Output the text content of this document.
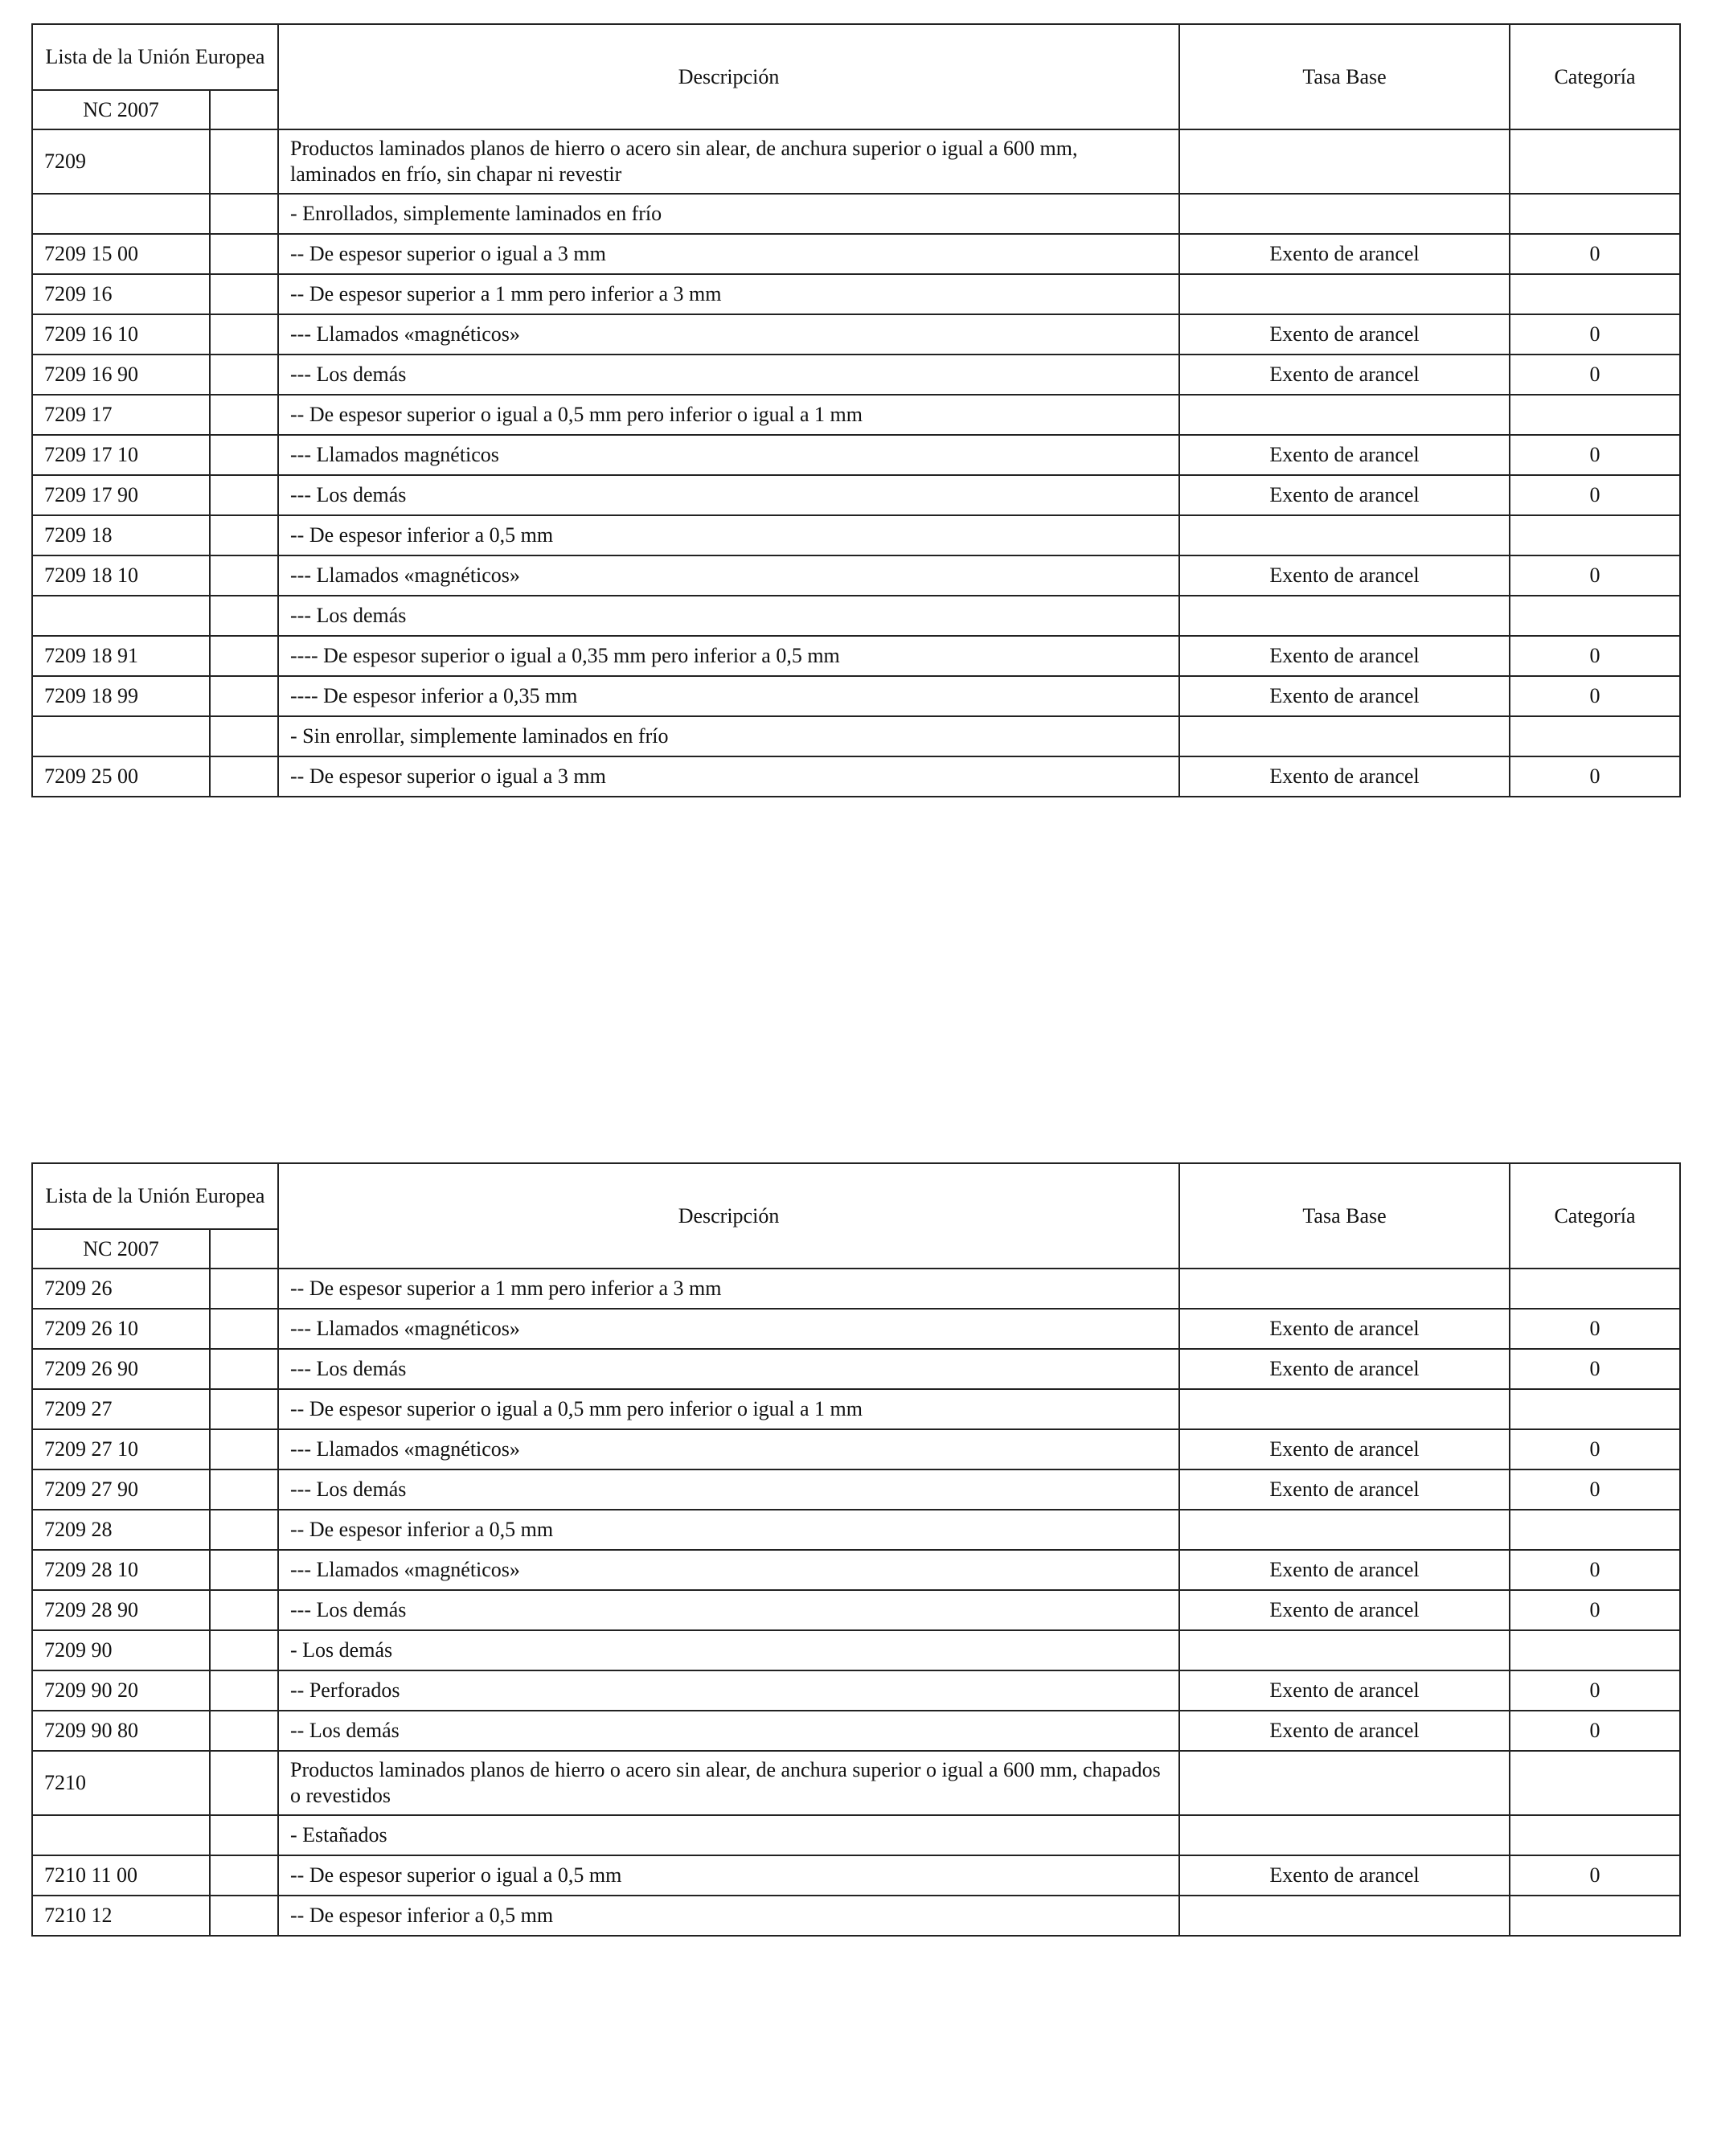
Lista de la Unión Europea		Descripción	Tasa Base	Categoría
NC 2007				
7209		Productos laminados planos de hierro o acero sin alear, de anchura superior o igual a 600 mm, laminados en frío, sin chapar ni revestir		
		- Enrollados, simplemente laminados en frío		
7209 15 00		-- De espesor superior o igual a 3 mm	Exento de arancel	0
7209 16		-- De espesor superior a 1 mm pero inferior a 3 mm		
7209 16 10		--- Llamados «magnéticos»	Exento de arancel	0
7209 16 90		--- Los demás	Exento de arancel	0
7209 17		-- De espesor superior o igual a 0,5 mm pero inferior o igual a 1 mm		
7209 17 10		--- Llamados magnéticos	Exento de arancel	0
7209 17 90		--- Los demás	Exento de arancel	0
7209 18		-- De espesor inferior a 0,5 mm		
7209 18 10		--- Llamados «magnéticos»	Exento de arancel	0
		--- Los demás		
7209 18 91		---- De espesor superior o igual a 0,35 mm pero inferior a 0,5 mm	Exento de arancel	0
7209 18 99		---- De espesor inferior a 0,35 mm	Exento de arancel	0
		- Sin enrollar, simplemente laminados en frío		
7209 25 00		-- De espesor superior o igual a 3 mm	Exento de arancel	0
Lista de la Unión Europea		Descripción	Tasa Base	Categoría
NC 2007				
7209 26		-- De espesor superior a 1 mm pero inferior a 3 mm		
7209 26 10		--- Llamados «magnéticos»	Exento de arancel	0
7209 26 90		--- Los demás	Exento de arancel	0
7209 27		-- De espesor superior o igual a 0,5 mm pero inferior o igual a 1 mm		
7209 27 10		--- Llamados «magnéticos»	Exento de arancel	0
7209 27 90		--- Los demás	Exento de arancel	0
7209 28		-- De espesor inferior a 0,5 mm		
7209 28 10		--- Llamados «magnéticos»	Exento de arancel	0
7209 28 90		--- Los demás	Exento de arancel	0
7209 90		- Los demás		
7209 90 20		-- Perforados	Exento de arancel	0
7209 90 80		-- Los demás	Exento de arancel	0
7210		Productos laminados planos de hierro o acero sin alear, de anchura superior o igual a 600 mm, chapados o revestidos		
		- Estañados		
7210 11 00		-- De espesor superior o igual a 0,5 mm	Exento de arancel	0
7210 12		-- De espesor inferior a 0,5 mm		
